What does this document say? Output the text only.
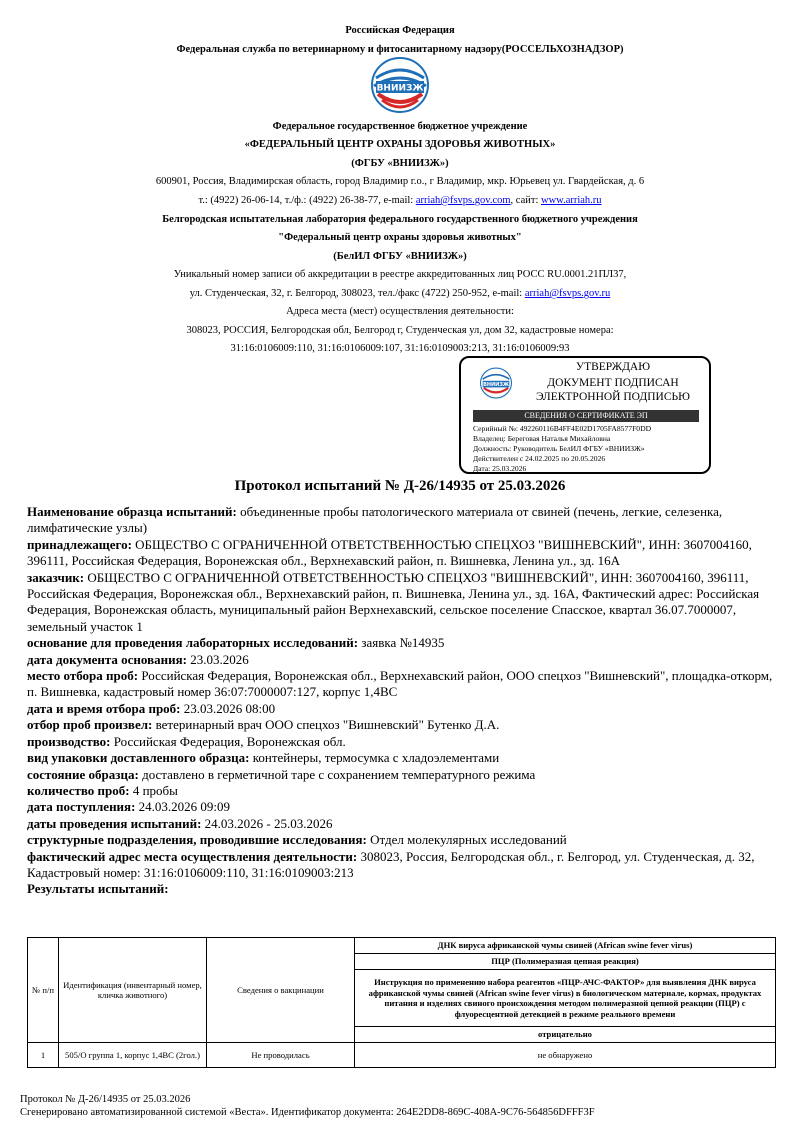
Российская Федерация
Федеральная служба по ветеринарному и фитосанитарному надзору(РОССЕЛЬХОЗНАДЗОР)
ВНИИЗЖ
Федеральное государственное бюджетное учреждение
«ФЕДЕРАЛЬНЫЙ ЦЕНТР ОХРАНЫ ЗДОРОВЬЯ ЖИВОТНЫХ»
(ФГБУ «ВНИИЗЖ»)
600901, Россия, Владимирская область, город Владимир г.о., г Владимир, мкр. Юрьевец ул. Гвардейская, д. 6
т.: (4922) 26-06-14, т./ф.: (4922) 26-38-77, e-mail: arriah@fsvps.gov.com, сайт: www.arriah.ru
Белгородская испытательная лаборатория федерального государственного бюджетного учреждения
"Федеральный центр охраны здоровья животных"
(БелИЛ ФГБУ «ВНИИЗЖ»)
Уникальный номер записи об аккредитации в реестре аккредитованных лиц РОСС RU.0001.21ПЛ37,
ул. Студенческая, 32, г. Белгород, 308023, тел./факс (4722) 250-952, e-mail: arriah@fsvps.gov.ru
Адреса места (мест) осуществления деятельности:
308023, РОССИЯ, Белгородская обл, Белгород г, Студенческая ул, дом 32, кадастровые номера:
31:16:0106009:110, 31:16:0106009:107, 31:16:0109003:213, 31:16:0106009:93
ВНИИЗЖ
УТВЕРЖДАЮ
ДОКУМЕНТ ПОДПИСАН
ЭЛЕКТРОННОЙ ПОДПИСЬЮ
СВЕДЕНИЯ О СЕРТИФИКАТЕ ЭП
Серийный №: 492260116B4FF4E02D1705FA8577F0DD
Владелец: Береговая Наталья Михайловна
Должность: Руководитель БелИЛ ФГБУ «ВНИИЗЖ»
Действителен с 24.02.2025 по 20.05.2026
Дата: 25.03.2026
Протокол испытаний № Д-26/14935 от 25.03.2026

Наименование образца испытаний: объединенные пробы патологического материала от свиней (печень, легкие, селезенка, лимфатические узлы)

принадлежащего: ОБЩЕСТВО С ОГРАНИЧЕННОЙ ОТВЕТСТВЕННОСТЬЮ СПЕЦХОЗ "ВИШНЕВСКИЙ", ИНН: 3607004160, 396111, Российская Федерация, Воронежская обл., Верхнехавский район, п. Вишневка, Ленина ул., зд. 16А

заказчик: ОБЩЕСТВО С ОГРАНИЧЕННОЙ ОТВЕТСТВЕННОСТЬЮ СПЕЦХОЗ "ВИШНЕВСКИЙ", ИНН: 3607004160, 396111, Российская Федерация, Воронежская обл., Верхнехавский район, п. Вишневка, Ленина ул., зд. 16А, Фактический адрес: Российская Федерация, Воронежская область, муниципальный район Верхнехавский, сельское поселение Спасское, квартал 36.07.7000007, земельный участок 1

основание для проведения лабораторных исследований: заявка №14935

дата документа основания: 23.03.2026

место отбора проб: Российская Федерация, Воронежская обл., Верхнехавский район, ООО спецхоз "Вишневский", площадка-откорм, п. Вишневка, кадастровый номер 36:07:7000007:127, корпус 1,4ВС

дата и время отбора проб: 23.03.2026 08:00

отбор проб произвел: ветеринарный врач ООО спецхоз "Вишневский" Бутенко Д.А.

производство: Российская Федерация, Воронежская обл.

вид упаковки доставленного образца: контейнеры, термосумка с хладоэлементами

состояние образца: доставлено в герметичной таре с сохранением температурного режима

количество проб: 4 пробы

дата поступления: 24.03.2026 09:09

даты проведения испытаний: 24.03.2026 - 25.03.2026

структурные подразделения, проводившие исследования: Отдел молекулярных исследований

фактический адрес места осуществления деятельности: 308023, Россия, Белгородская обл., г. Белгород, ул. Студенческая, д. 32, Кадастровый номер: 31:16:0106009:110, 31:16:0109003:213

Результаты испытаний:

№ п/п	Идентификация (инвентарный номер, кличка животного)	Сведения о вакцинации	ДНК вируса африканской чумы свиней (African swine fever virus)
			ПЦР (Полимеразная цепная реакция)
			Инструкция по применению набора реагентов «ПЦР-АЧС-ФАКТОР» для выявления ДНК вируса африканской чумы свиней (African swine fever virus) в биологическом материале, кормах, продуктах питания и изделиях свиного происхождения методом полимеразной цепной реакции (ПЦР) с флуоресцентной детекцией в режиме реального времени
			отрицательно
1	505/О группа 1, корпус 1,4ВС (2гол.)	Не проводилась	не обнаружено
Протокол № Д-26/14935 от 25.03.2026
Сгенерировано автоматизированной системой «Веста». Идентификатор документа: 264E2DD8-869C-408A-9C76-564856DFFF3F
